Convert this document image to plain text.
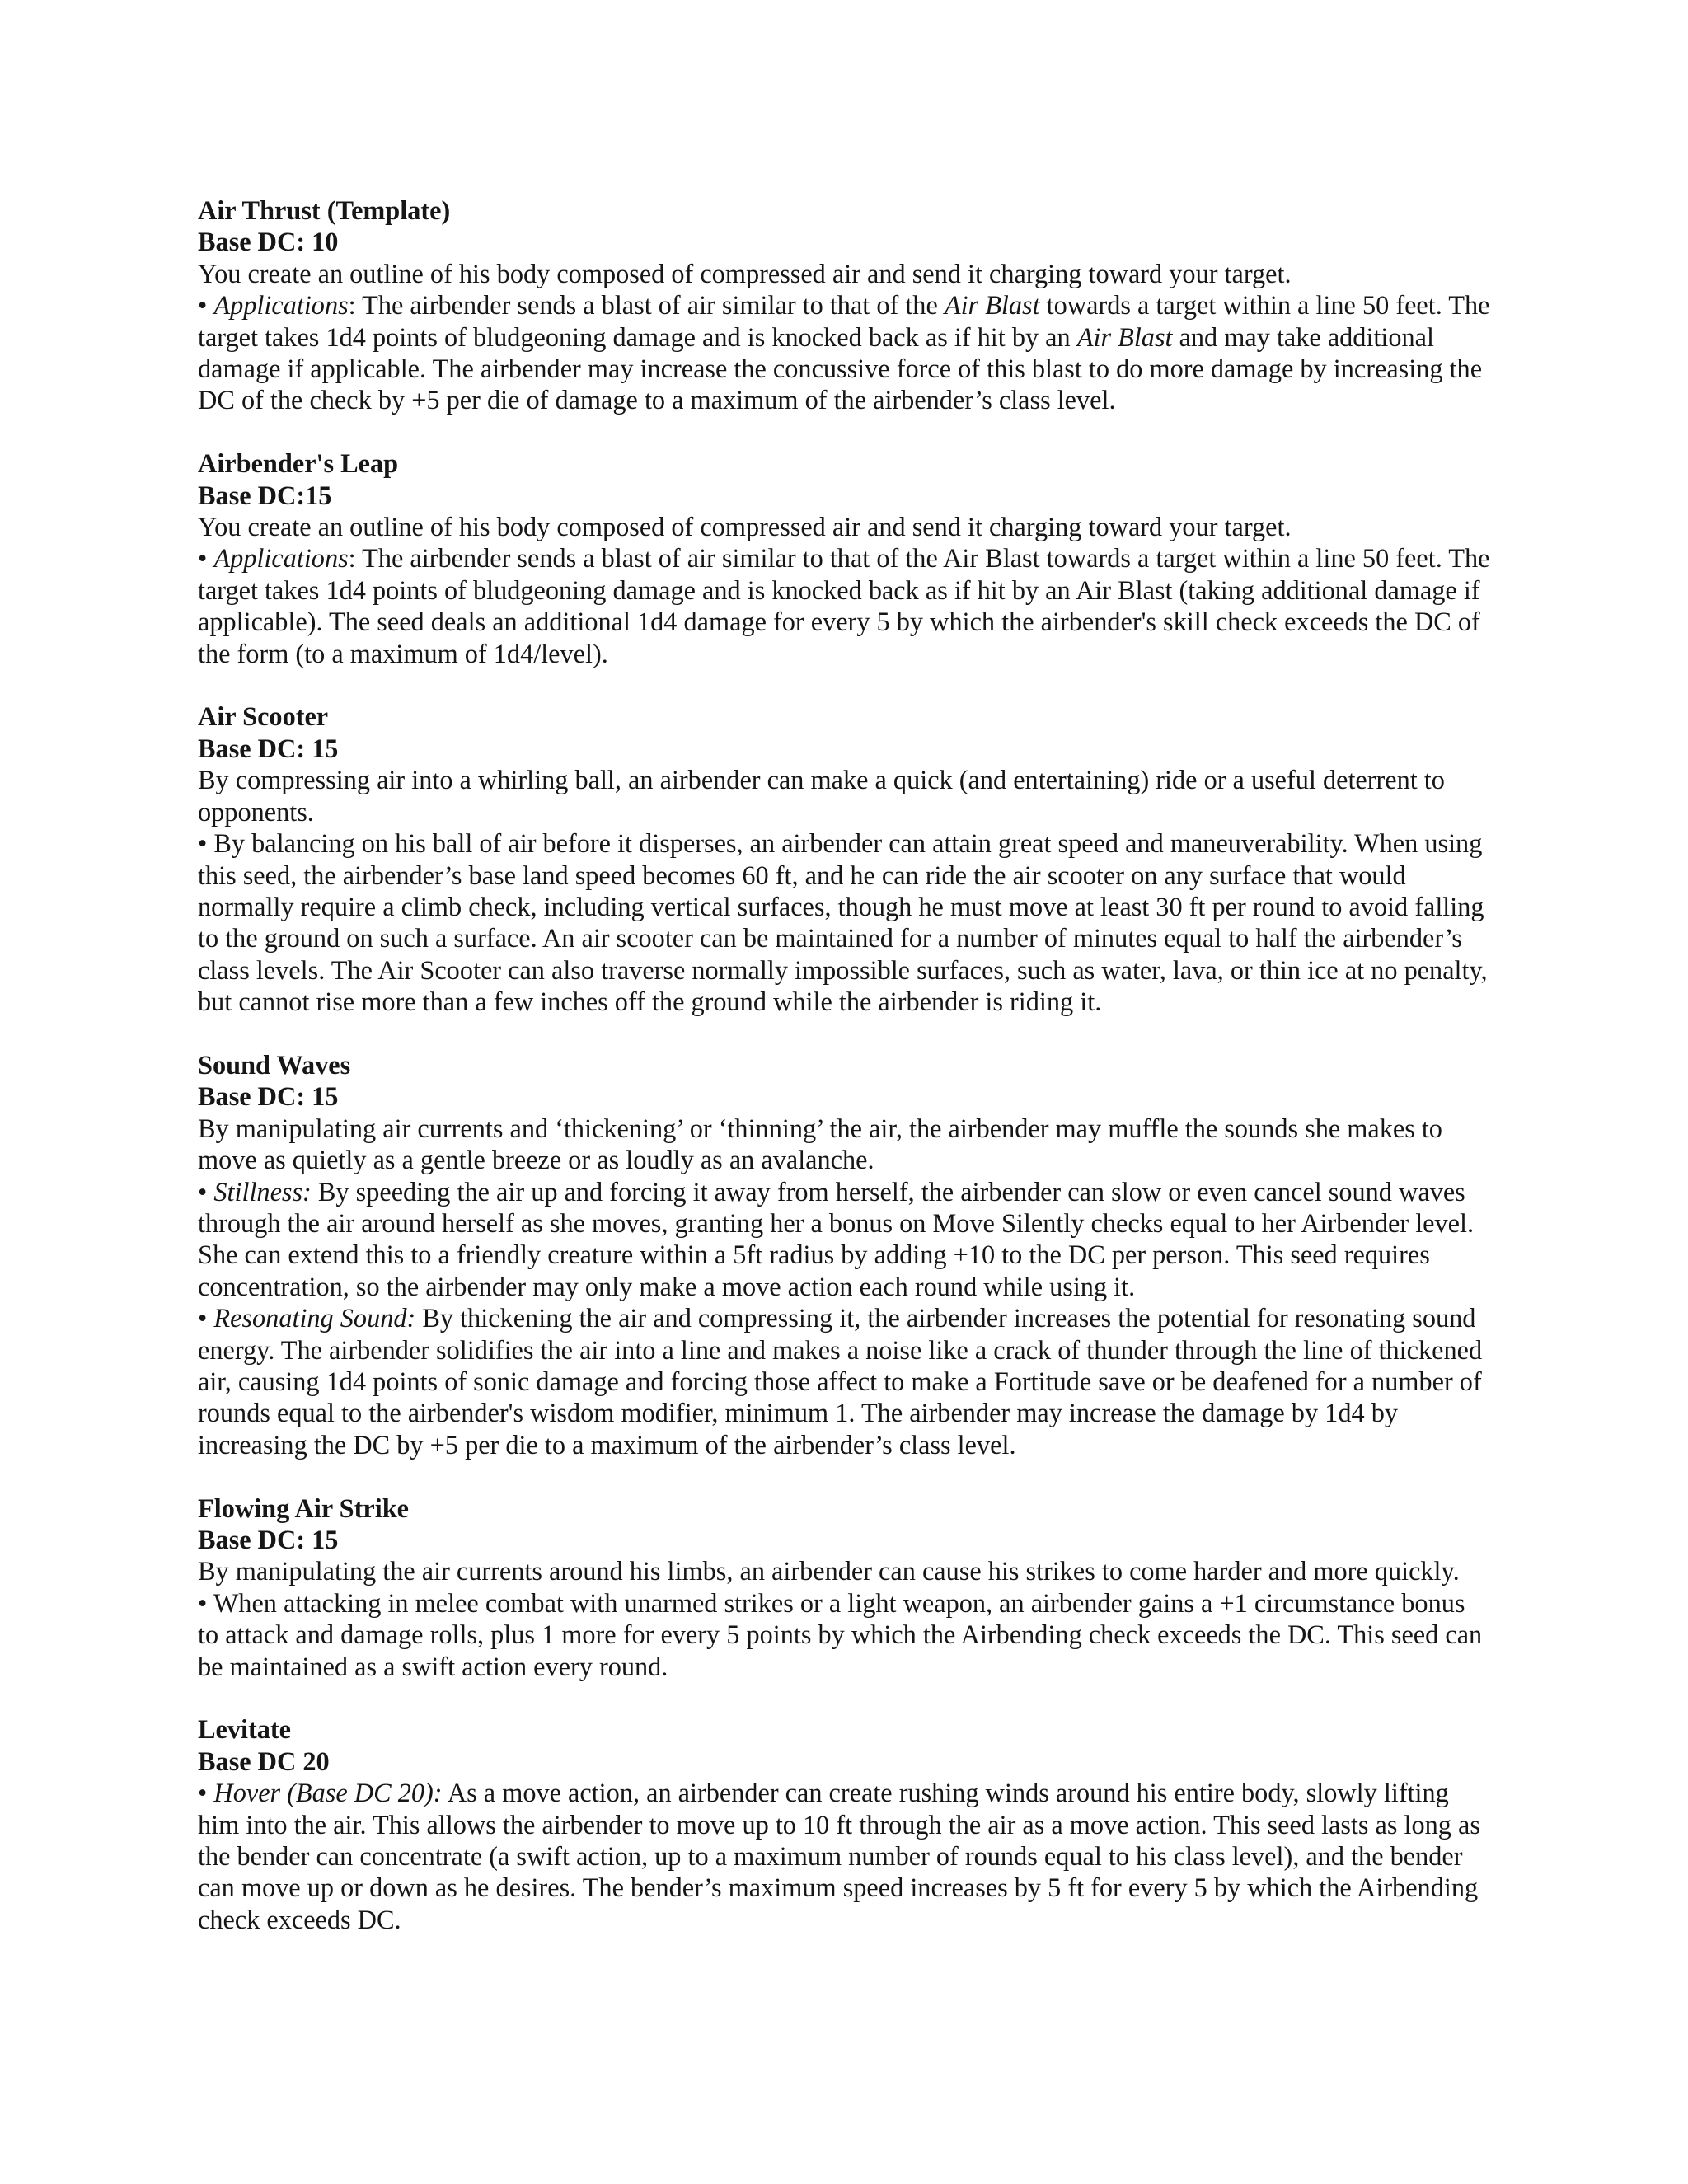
Air Thrust (Template)
Base DC: 10
You create an outline of his body composed of compressed air and send it charging toward your target.
• Applications: The airbender sends a blast of air similar to that of the Air Blast towards a target within a line 50 feet. The target takes 1d4 points of bludgeoning damage and is knocked back as if hit by an Air Blast and may take additional damage if applicable. The airbender may increase the concussive force of this blast to do more damage by increasing the DC of the check by +5 per die of damage to a maximum of the airbender’s class level.
Airbender's Leap
Base DC:15
You create an outline of his body composed of compressed air and send it charging toward your target.
• Applications: The airbender sends a blast of air similar to that of the Air Blast towards a target within a line 50 feet. The target takes 1d4 points of bludgeoning damage and is knocked back as if hit by an Air Blast (taking additional damage if applicable). The seed deals an additional 1d4 damage for every 5 by which the airbender's skill check exceeds the DC of the form (to a maximum of 1d4/level).
Air Scooter
Base DC: 15
By compressing air into a whirling ball, an airbender can make a quick (and entertaining) ride or a useful deterrent to opponents.
• By balancing on his ball of air before it disperses, an airbender can attain great speed and maneuverability. When using this seed, the airbender’s base land speed becomes 60 ft, and he can ride the air scooter on any surface that would normally require a climb check, including vertical surfaces, though he must move at least 30 ft per round to avoid falling to the ground on such a surface. An air scooter can be maintained for a number of minutes equal to half the airbender’s class levels. The Air Scooter can also traverse normally impossible surfaces, such as water, lava, or thin ice at no penalty, but cannot rise more than a few inches off the ground while the airbender is riding it.
Sound Waves
Base DC: 15
By manipulating air currents and ‘thickening’ or ‘thinning’ the air, the airbender may muffle the sounds she makes to move as quietly as a gentle breeze or as loudly as an avalanche.
• Stillness: By speeding the air up and forcing it away from herself, the airbender can slow or even cancel sound waves through the air around herself as she moves, granting her a bonus on Move Silently checks equal to her Airbender level. She can extend this to a friendly creature within a 5ft radius by adding +10 to the DC per person. This seed requires concentration, so the airbender may only make a move action each round while using it.
• Resonating Sound: By thickening the air and compressing it, the airbender increases the potential for resonating sound energy. The airbender solidifies the air into a line and makes a noise like a crack of thunder through the line of thickened air, causing 1d4 points of sonic damage and forcing those affect to make a Fortitude save or be deafened for a number of rounds equal to the airbender's wisdom modifier, minimum 1. The airbender may increase the damage by 1d4 by increasing the DC by +5 per die to a maximum of the airbender’s class level.
Flowing Air Strike
Base DC: 15
By manipulating the air currents around his limbs, an airbender can cause his strikes to come harder and more quickly.
• When attacking in melee combat with unarmed strikes or a light weapon, an airbender gains a +1 circumstance bonus to attack and damage rolls, plus 1 more for every 5 points by which the Airbending check exceeds the DC. This seed can be maintained as a swift action every round.
Levitate
Base DC 20
• Hover (Base DC 20): As a move action, an airbender can create rushing winds around his entire body, slowly lifting him into the air. This allows the airbender to move up to 10 ft through the air as a move action. This seed lasts as long as the bender can concentrate (a swift action, up to a maximum number of rounds equal to his class level), and the bender can move up or down as he desires. The bender’s maximum speed increases by 5 ft for every 5 by which the Airbending check exceeds DC.
